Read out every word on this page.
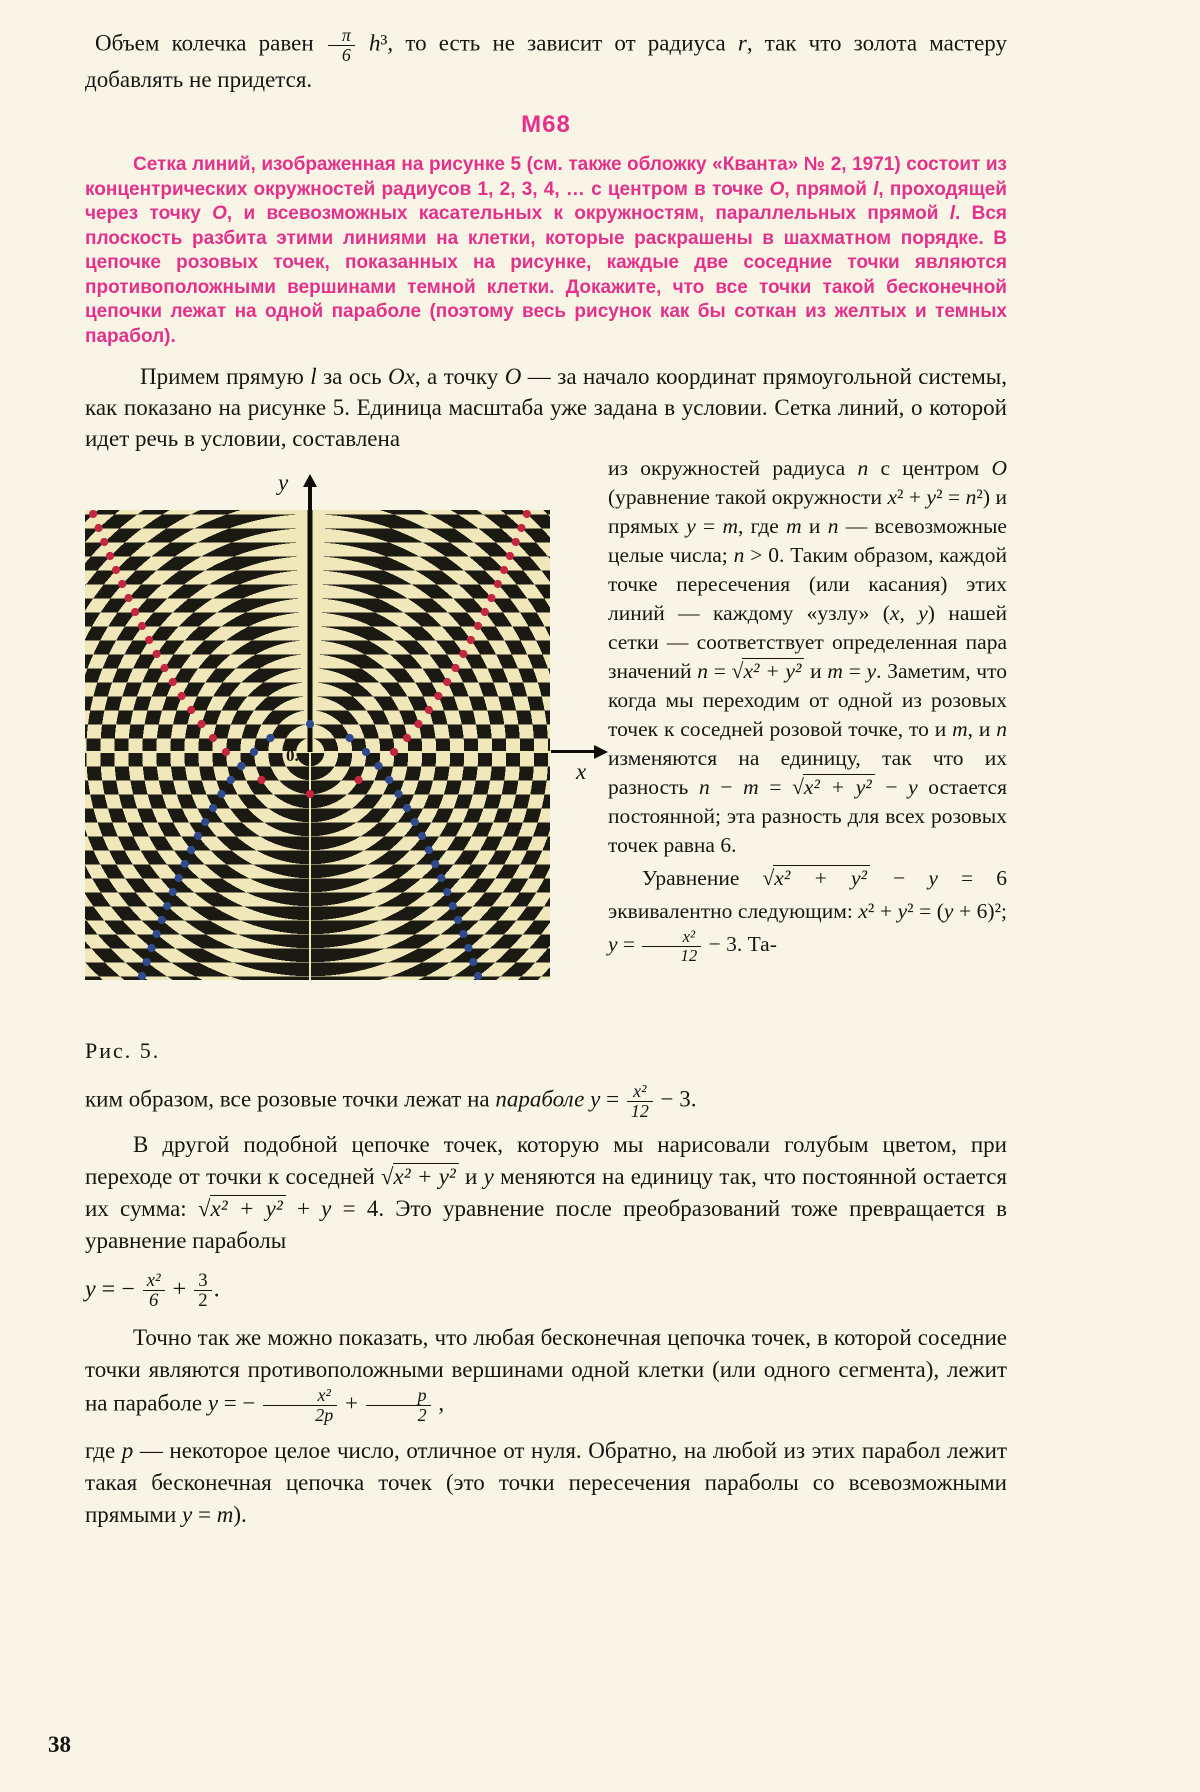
Объем колечка равен $\frac{\pi}{6} h^3$, то есть не зависит от радиуса r, так что золота мастеру добавлять не придется.

М68

Сетка линий, изображенная на рисунке 5 (см. также обложку «Кванта» № 2, 1971) состоит из концентрических окружностей радиусов 1, 2, 3, 4, … с центром в точке O, прямой l, проходящей через точку O, и всевозможных касательных к окружностям, параллельных прямой l. Вся плоскость разбита этими линиями на клетки, которые раскрашены в шахматном порядке. В цепочке розовых точек, показанных на рисунке, каждые две соседние точки являются противоположными вершинами темной клетки. Докажите, что все точки такой бесконечной цепочки лежат на одной параболе (поэтому весь рисунок как бы соткан из желтых и темных парабол).

Примем прямую l за ось Ox, а точку O — за начало координат прямоугольной системы, как показано на рисунке 5. Единица масштаба уже задана в условии. Сетка линий, о которой идет речь в условии, составлена

y
x
0.
Рис. 5.

из окружностей радиуса n с центром O (уравнение такой окружности x² + y² = n²) и прямых y = m, где m и n — всевозможные целые числа; n > 0. Таким образом, каждой точке пересечения (или касания) этих линий — каждому «узлу» (x, y) нашей сетки — соответствует определенная пара значений n = √x² + y² и m = y. Заметим, что когда мы переходим от одной из розовых точек к соседней розовой точке, то и m, и n изменяются на единицу, так что их разность n − m = √x² + y² − y остается постоянной; эта разность для всех розовых точек равна 6.

Уравнение √x² + y² − y = 6 эквивалентно следующим: x² + y² = (y + 6)²; $y = \frac{\text{x²}}{12} - 3$. Та-

ким образом, все розовые точки лежат на параболе $y = \frac{\text{x²}}{12} - 3$.

В другой подобной цепочке точек, которую мы нарисовали голубым цветом, при переходе от точки к соседней √x² + y² и y меняются на единицу так, что постоянной остается их сумма: √x² + y² + y = 4. Это уравнение после преобразований тоже превращается в уравнение параболы

y = − $\frac{\text{x²}}{6} + \frac{3}{2}$ .

Точно так же можно показать, что любая бесконечная цепочка точек, в которой соседние точки являются противоположными вершинами одной клетки (или одного сегмента), лежит на параболе y = − $\frac{\text{x²}}{2p} + \frac{p}{2}$ ,

где p — некоторое целое число, отличное от нуля. Обратно, на любой из этих парабол лежит такая бесконечная цепочка точек (это точки пересечения параболы со всевозможными прямыми y = m).

38
